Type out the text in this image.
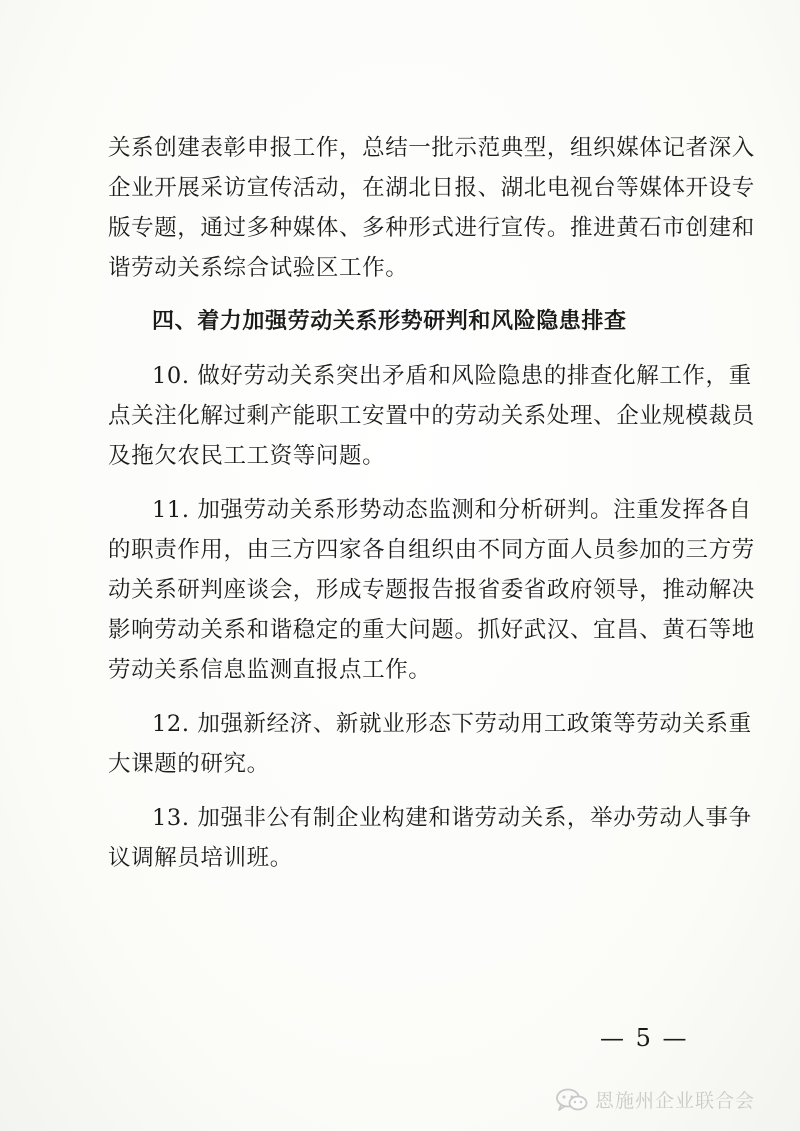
关系创建表彰申报工作，总结一批示范典型，组织媒体记者深入
企业开展采访宣传活动，在湖北日报、湖北电视台等媒体开设专
版专题，通过多种媒体、多种形式进行宣传。推进黄石市创建和
谐劳动关系综合试验区工作。
四、着力加强劳动关系形势研判和风险隐患排查
10. 做好劳动关系突出矛盾和风险隐患的排查化解工作，重
点关注化解过剩产能职工安置中的劳动关系处理、企业规模裁员
及拖欠农民工工资等问题。
11. 加强劳动关系形势动态监测和分析研判。注重发挥各自
的职责作用，由三方四家各自组织由不同方面人员参加的三方劳
动关系研判座谈会，形成专题报告报省委省政府领导，推动解决
影响劳动关系和谐稳定的重大问题。抓好武汉、宜昌、黄石等地
劳动关系信息监测直报点工作。
12. 加强新经济、新就业形态下劳动用工政策等劳动关系重
大课题的研究。
13. 加强非公有制企业构建和谐劳动关系，举办劳动人事争
议调解员培训班。
— 5 —
恩施州企业联合会
